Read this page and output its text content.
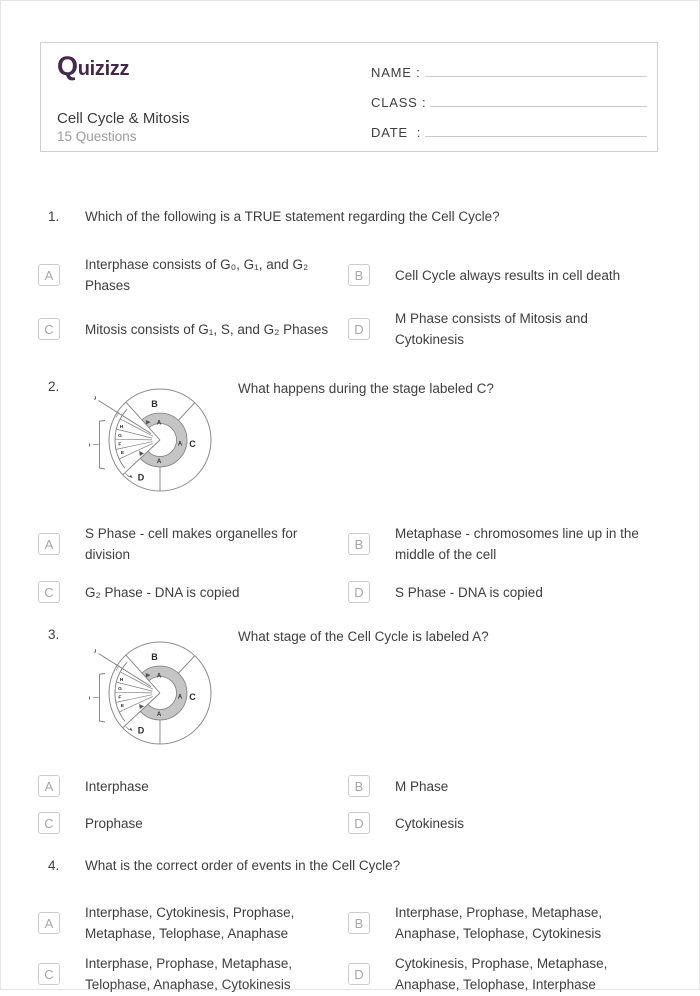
Quizizz
Cell Cycle & Mitosis
15 Questions
NAME :
CLASS :
DATE  :
1.	Which of the following is a TRUE statement regarding the Cell Cycle?
A
Interphase consists of G₀, G₁, and G₂ Phases
B	Cell Cycle always results in cell death
C	Mitosis consists of G₁, S, and G₂ Phases	D
M Phase consists of Mitosis and Cytokinesis
2.
B
C
D
A
A
A
H
G
F
E
J
I
What happens during the stage labeled C?
A
S Phase - cell makes organelles for division
B
Metaphase - chromosomes line up in the middle of the cell
C	G₂ Phase - DNA is copied	D	S Phase - DNA is copied
3.
B
C
D
A
A
A
H
G
F
E
J
I
What stage of the Cell Cycle is labeled A?
A	Interphase	B	M Phase
C	Prophase	D	Cytokinesis
4.	What is the correct order of events in the Cell Cycle?
A
Interphase, Cytokinesis, Prophase, Metaphase, Telophase, Anaphase
B
Interphase, Prophase, Metaphase, Anaphase, Telophase, Cytokinesis
C
Interphase, Prophase, Metaphase, Telophase, Anaphase, Cytokinesis
D
Cytokinesis, Prophase, Metaphase, Anaphase, Telophase, Interphase
